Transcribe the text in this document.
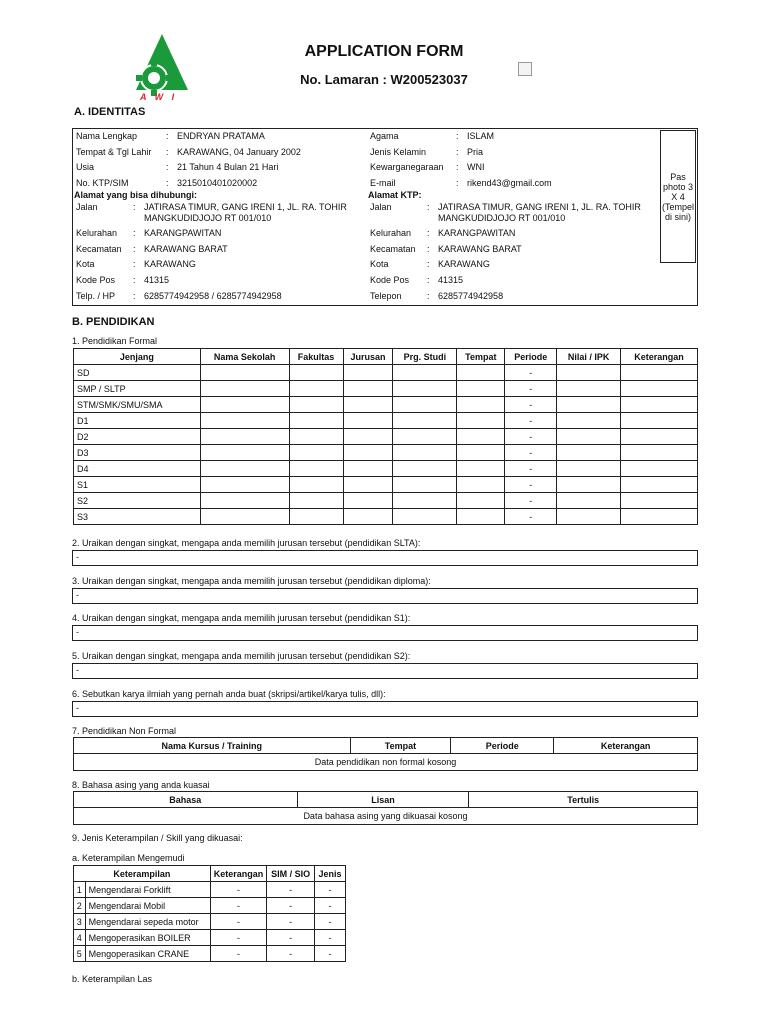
A W I
APPLICATION FORM
No. Lamaran : W200523037
A. IDENTITAS
Pas photo 3 X 4 (Tempel di sini)
Nama Lengkap	: ENDRYAN PRATAMA
Tempat & Tgl Lahir : KARAWANG, 04 January 2002
Usia	: 21 Tahun 4 Bulan 21 Hari
No. KTP/SIM	: 3215010401020002
Agama	: ISLAM
Jenis Kelamin	: Pria
Kewarganegaraan : WNI
E-mail	: rikend43@gmail.com
Alamat yang bisa dihubungi:	Alamat KTP:
Jalan	: JATIRASA TIMUR, GANG IRENI 1, JL. RA. TOHIR
MANGKUDIDJOJO RT 001/010
Kelurahan : KARANGPAWITAN
Kecamatan : KARAWANG BARAT
Kota	: KARAWANG
Kode Pos : 41315
Telp. / HP : 6285774942958 / 6285774942958
Jalan	: JATIRASA TIMUR, GANG IRENI 1, JL. RA. TOHIR
MANGKUDIDJOJO RT 001/010
Kelurahan : KARANGPAWITAN
Kecamatan : KARAWANG BARAT
Kota	: KARAWANG
Kode Pos : 41315
Telepon	: 6285774942958
B. PENDIDIKAN
1. Pendidikan Formal
Jenjang	Nama Sekolah	Fakultas	Jurusan	Prg. Studi	Tempat	Periode	Nilai / IPK	Keterangan
SD						-		
SMP / SLTP						-		
STM/SMK/SMU/SMA						-		
D1						-		
D2						-		
D3						-		
D4						-		
S1						-		
S2						-		
S3						-		
2. Uraikan dengan singkat, mengapa anda memilih jurusan tersebut (pendidikan SLTA):
-
3. Uraikan dengan singkat, mengapa anda memilih jurusan tersebut (pendidikan diploma):
-
4. Uraikan dengan singkat, mengapa anda memilih jurusan tersebut (pendidikan S1):
-
5. Uraikan dengan singkat, mengapa anda memilih jurusan tersebut (pendidikan S2):
-
6. Sebutkan karya ilmiah yang pernah anda buat (skripsi/artikel/karya tulis, dll):
-
7. Pendidikan Non Formal
Nama Kursus / Training	Tempat	Periode	Keterangan
Data pendidikan non formal kosong
8. Bahasa asing yang anda kuasai
Bahasa	Lisan	Tertulis
Data bahasa asing yang dikuasai kosong
9. Jenis Keterampilan / Skill yang dikuasai:
a. Keterampilan Mengemudi
Keterampilan		Keterangan	SIM / SIO	Jenis
1	Mengendarai Forklift	-	-	-
2	Mengendarai Mobil	-	-	-
3	Mengendarai sepeda motor	-	-	-
4	Mengoperasikan BOILER	-	-	-
5	Mengoperasikan CRANE	-	-	-
b. Keterampilan Las
